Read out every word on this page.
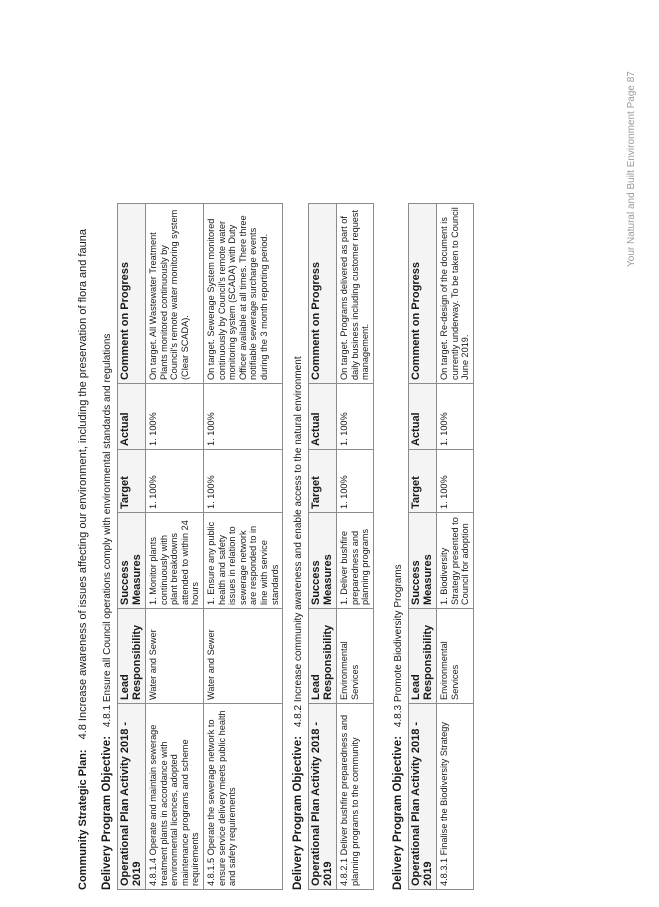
Community Strategic Plan:4.8 Increase awareness of issues affecting our environment, including the preservation of flora and fauna
Delivery Program Objective: 4.8.1 Ensure all Council operations comply with environmental standards and regulations
Operational Plan Activity 2018 - 2019	Lead Responsibility	Success Measures	Target	Actual	Comment on Progress
4.8.1.4 Operate and maintain sewerage treatment plants in accordance with environmental licences, adopted maintenance programs and scheme requirements	Water and Sewer	1. Monitor plants continuously with plant breakdowns attended to within 24 hours	1. 100%	1. 100%	On target. All Wastewater Treatment Plants monitored continuously by Council's remote water monitoring system (Clear SCADA).
4.8.1.5 Operate the sewerage network to ensure service delivery meets public health and safety requirements	Water and Sewer	1. Ensure any public health and safety issues in relation to sewerage network are responded to in line with service standards	1. 100%	1. 100%	On target. Sewerage System monitored continuously by Council's remote water monitoring system (SCADA) with Duty Officer available at all times. There three notifiable sewerage surcharge events during the 3 month reporting period.
Delivery Program Objective: 4.8.2 Increase community awareness and enable access to the natural environment
Operational Plan Activity 2018 - 2019	Lead Responsibility	Success Measures	Target	Actual	Comment on Progress
4.8.2.1 Deliver bushfire preparedness and planning programs to the community	Environmental Services	1. Deliver bushfire preparedness and planning programs	1. 100%	1. 100%	On target. Programs delivered as part of daily business including customer request management.
Delivery Program Objective: 4.8.3 Promote Biodiversity Programs
Operational Plan Activity 2018 - 2019	Lead Responsibility	Success Measures	Target	Actual	Comment on Progress
4.8.3.1 Finalise the Biodiversity Strategy	Environmental Services	1. Biodiversity Strategy presented to Council for adoption	1. 100%	1. 100%	On target. Re-design of the document is currently underway. To be taken to Council June 2019.
Your Natural and Built Environment Page 87
